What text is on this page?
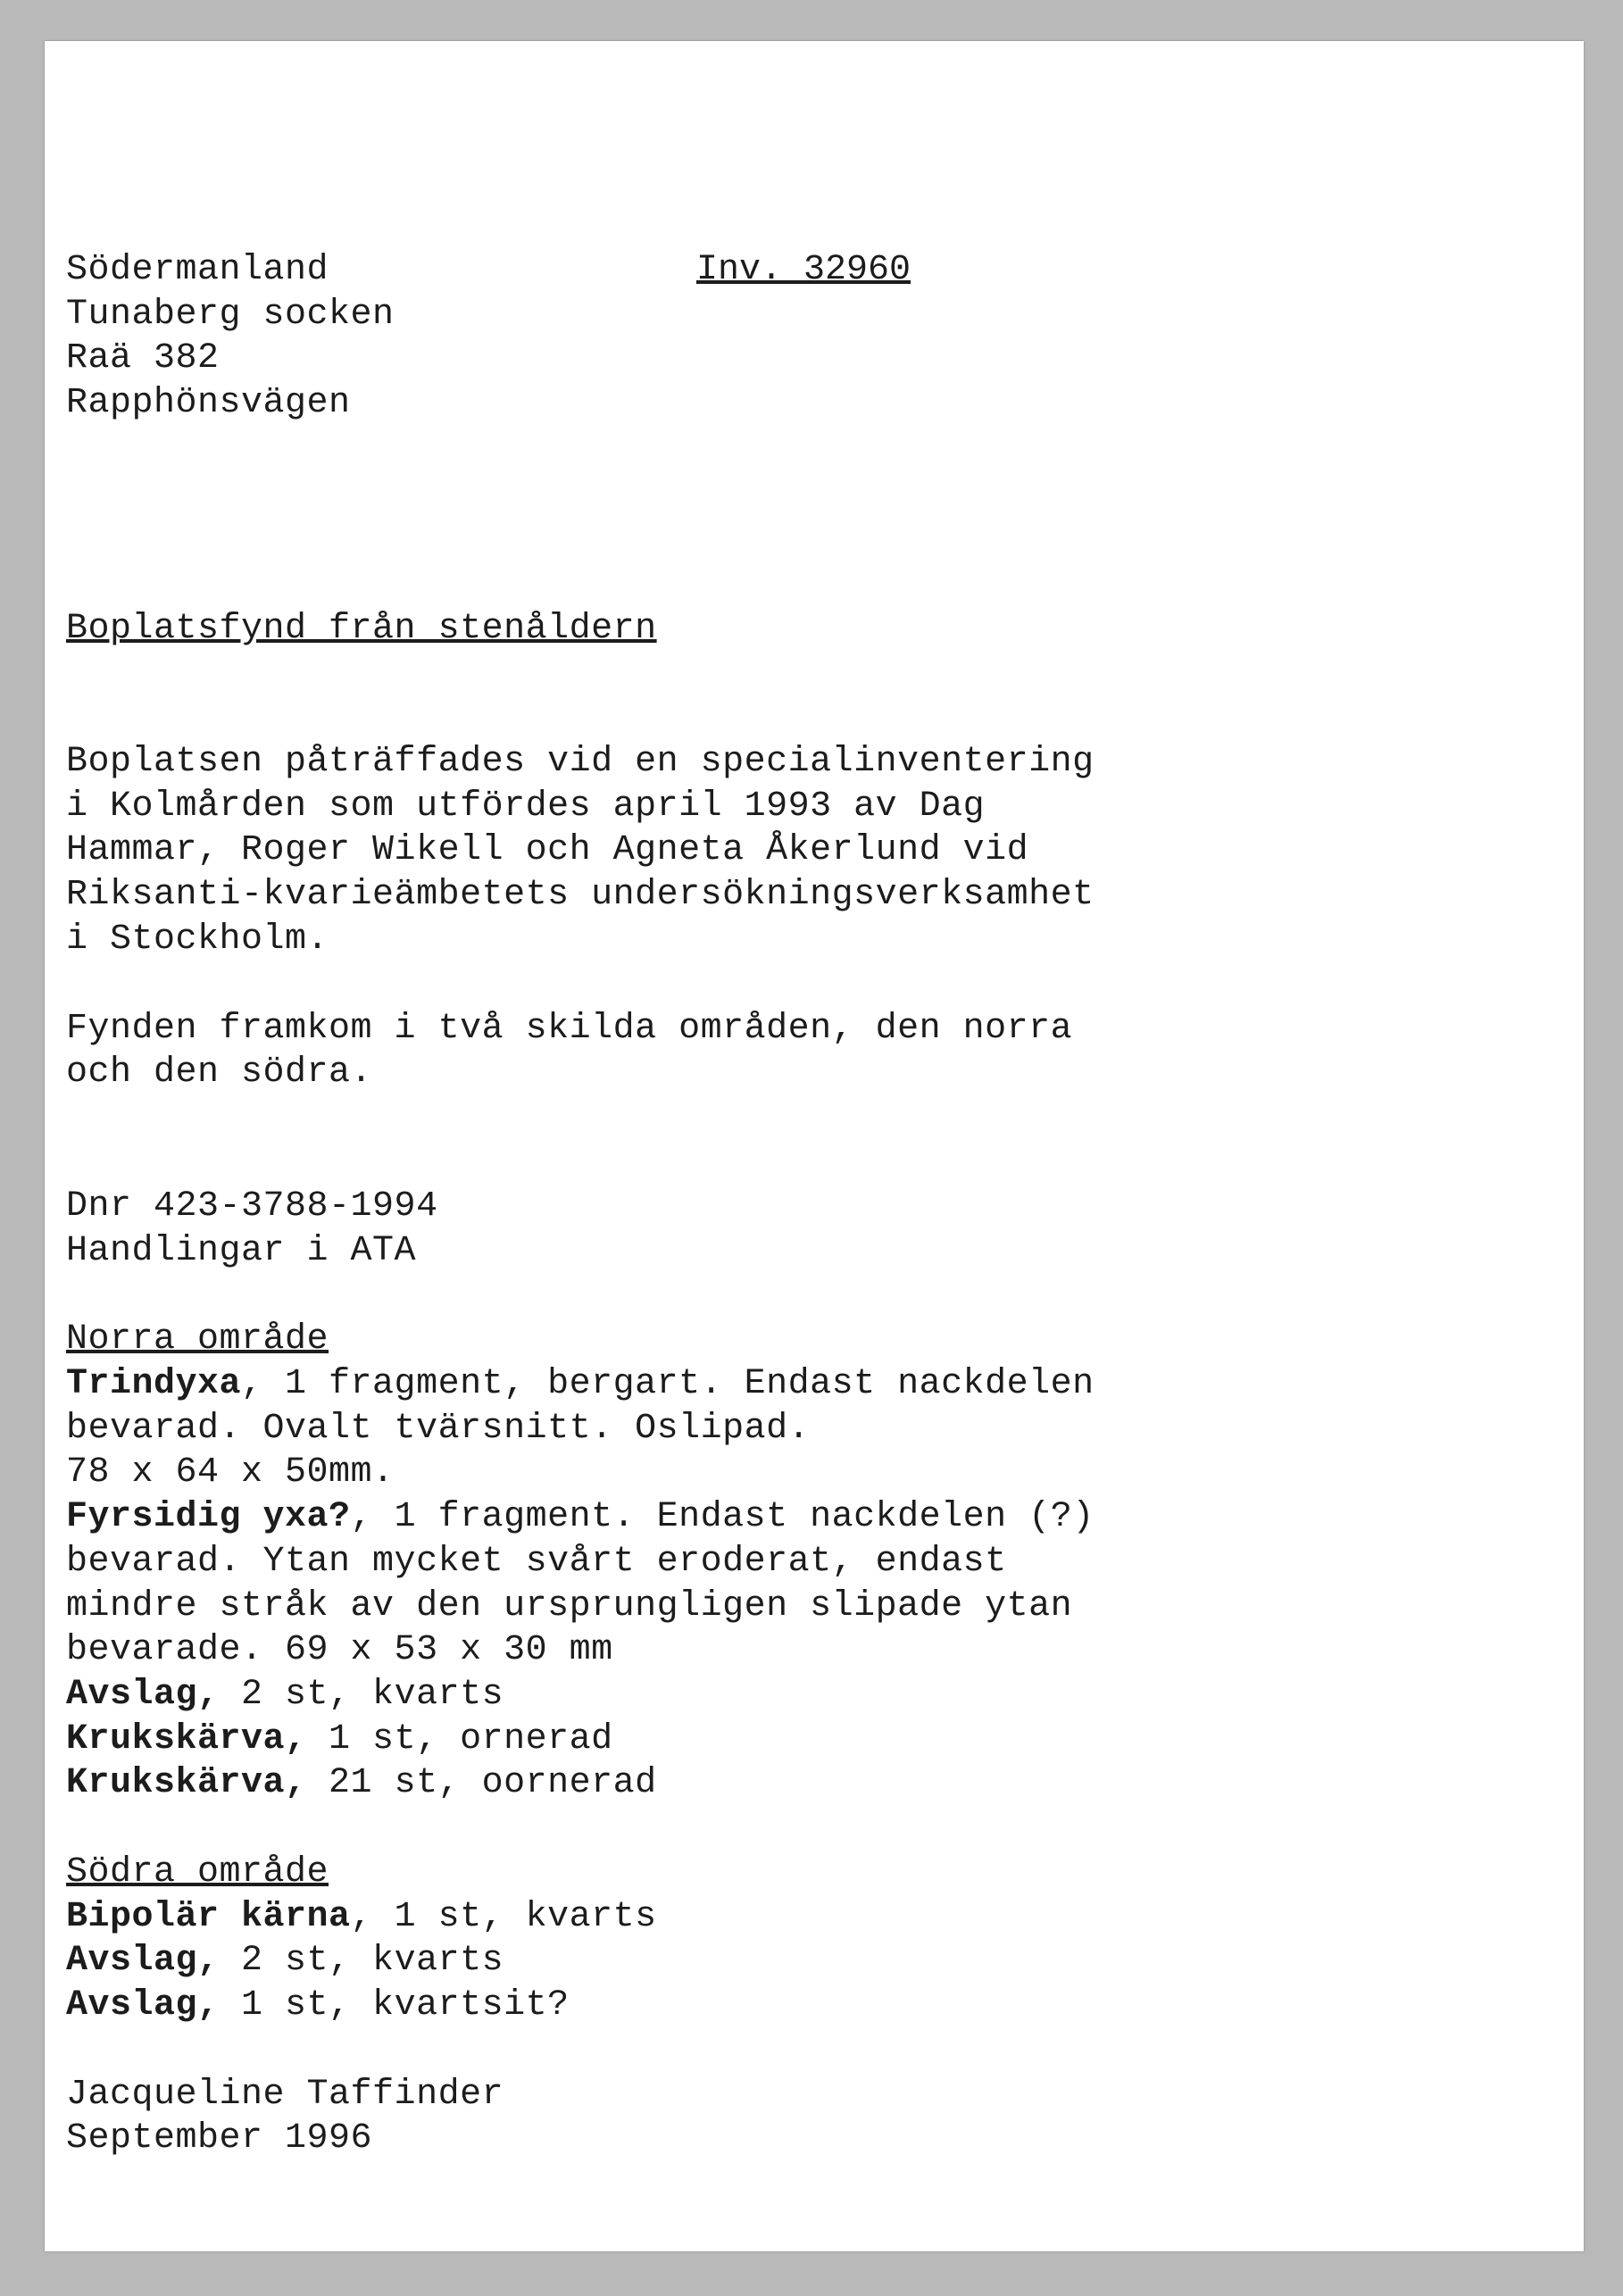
Södermanland	Inv. 32960

Tunaberg socken

Raä 382

Rapphönsvägen

Boplatsfynd från stenåldern

Boplatsen påträffades vid en specialinventering

i Kolmården som utfördes april 1993 av Dag

Hammar, Roger Wikell och Agneta Åkerlund vid

Riksanti-kvarieämbetets undersökningsverksamhet

i Stockholm.

Fynden framkom i två skilda områden, den norra

och den södra.

Dnr 423-3788-1994

Handlingar i ATA

Norra område

Trindyxa, 1 fragment, bergart. Endast nackdelen

bevarad. Ovalt tvärsnitt. Oslipad.

78 x 64 x 50mm.

Fyrsidig yxa?, 1 fragment. Endast nackdelen (?)

bevarad. Ytan mycket svårt eroderat, endast

mindre stråk av den ursprungligen slipade ytan

bevarade. 69 x 53 x 30 mm

Avslag, 2 st, kvarts

Krukskärva, 1 st, ornerad

Krukskärva, 21 st, oornerad

Södra område

Bipolär kärna, 1 st, kvarts

Avslag, 2 st, kvarts

Avslag, 1 st, kvartsit?

Jacqueline Taffinder

September 1996
